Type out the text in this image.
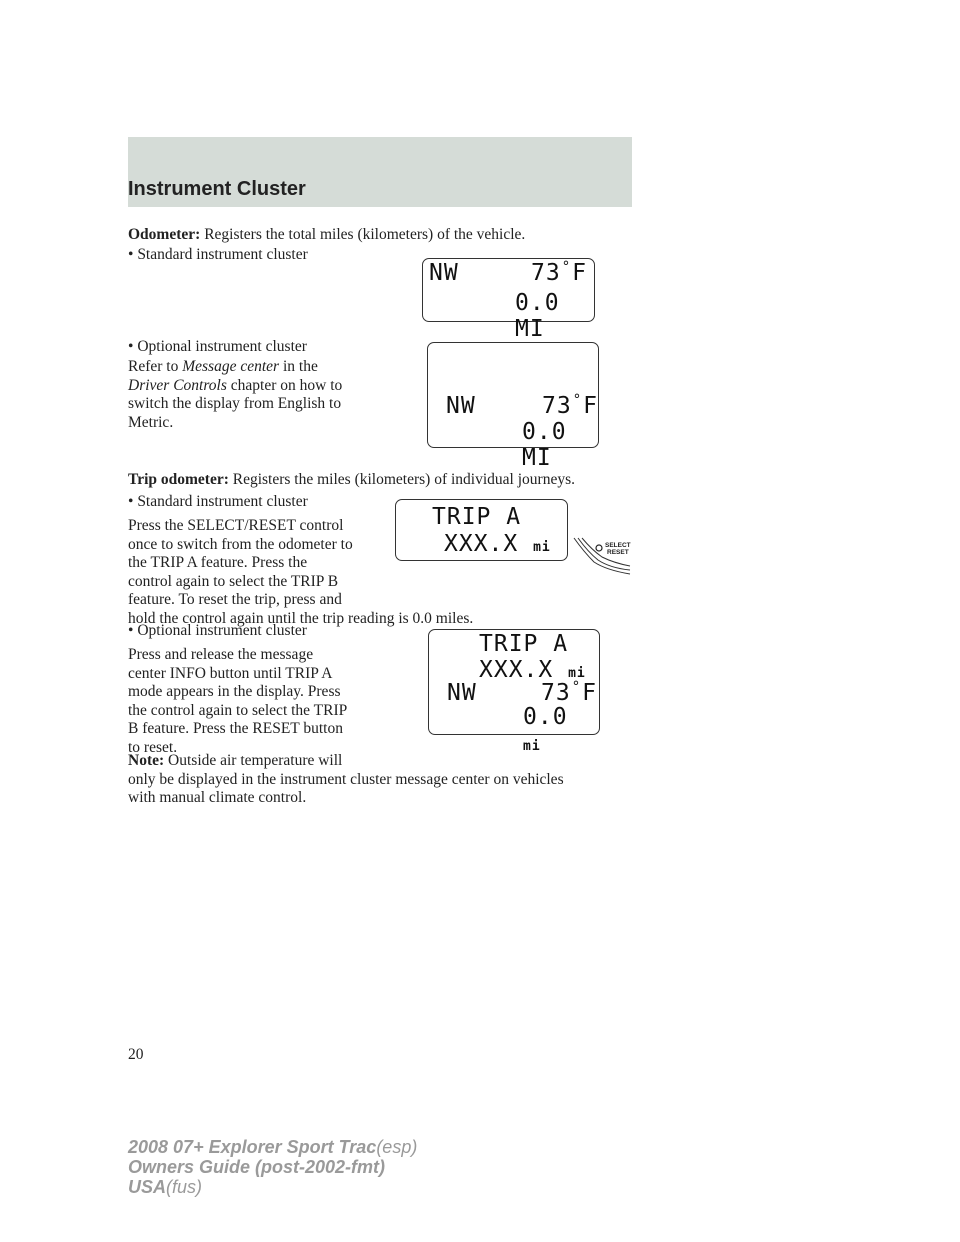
Instrument Cluster
Odometer: Registers the total miles (kilometers) of the vehicle.
• Standard instrument cluster
NW	73°F
0.0 MI
• Optional instrument cluster
Refer to Message center in the
Driver Controls chapter on how to
switch the display from English to
Metric.
NW	73°F
0.0 MI
Trip odometer: Registers the miles (kilometers) of individual journeys.
• Standard instrument cluster
Press the SELECT/RESET control
once to switch from the odometer to
the TRIP A feature. Press the
control again to select the TRIP B
feature. To reset the trip, press and
hold the control again until the trip reading is 0.0 miles.
TRIP A
XXX.X mi	SELECT
RESET
• Optional instrument cluster
Press and release the message
center INFO button until TRIP A
mode appears in the display. Press
the control again to select the TRIP
B feature. Press the RESET button
to reset.
TRIP A
XXX.X mi
NW	73°F
0.0 mi
Note: Outside air temperature will
only be displayed in the instrument cluster message center on vehicles
with manual climate control.
20
2008 07+ Explorer Sport Trac(esp)
Owners Guide (post-2002-fmt)
USA(fus)
